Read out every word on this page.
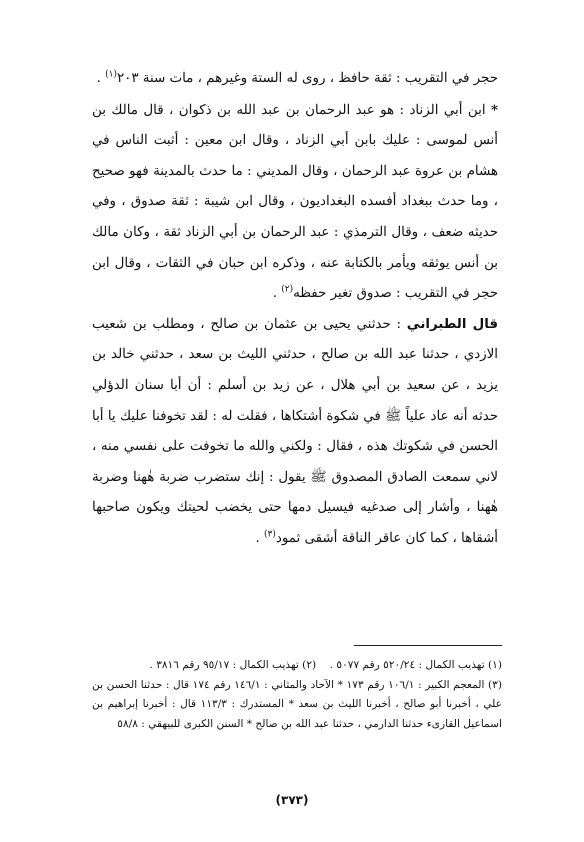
حجر في التقريب : ثقة حافظ ، روى له الستة وغيرهم ، مات سنة ٢٠٣$^{(١)}$ .

* ابن أبي الزناد : هو عبد الرحمان بن عبد الله بن ذكوان ، قال مالك بن أنس لموسى : عليك بابن أبي الزناد ، وقال ابن معين : أثبت الناس في هشام بن عروة عبد الرحمان ، وقال المديني : ما حدث بالمدينة فهو صحيح ، وما حدث ببغداد أفسده البغداديون ، وقال ابن شيبة : ثقة صدوق ، وفي حديثه ضعف ، وقال الترمذي : عبد الرحمان بن أبي الزناد ثقة ، وكان مالك بن أنس يوثقه ويأمر بالكتابة عنه ، وذكره ابن حبان في الثقات ، وقال ابن حجر في التقريب : صدوق تغير حفظه$^{(٢)}$ .

قال الطبراني : حدثني يحيى بن عثمان بن صالح ، ومطلب بن شعيب الازدي ، حدثنا عبد الله بن صالح ، حدثني الليث بن سعد ، حدثني خالد بن يزيد ، عن سعيد بن أبي هلال ، عن زيد بن أسلم : أن أبا سنان الدؤلي حدثه أنه عاد علياً ﷺ في شكوة أشتكاها ، فقلت له : لقد تخوفنا عليك يا أبا الحسن في شكوتك هذه ، فقال : ولكني والله ما تخوفت على نفسي منه ، لاني سمعت الصادق المصدوق ﷺ يقول : إنك ستضرب ضربة هٰهنا وضربة هٰهنا ، وأشار إلى صدغيه فيسيل دمها حتى يخضب لحيتك ويكون صاحبها أشقاها ، كما كان عاقر الناقة أشقى ثمود$^{(٣)}$ .

(١) تهذيب الكمال : ٥٢٠/٢٤ رقم ٥٠٧٧ .    (٢) تهذيب الكمال : ٩٥/١٧ رقم ٣٨١٦ .

(٣) المعجم الكبير : ١٠٦/١ رقم ١٧٣ * الآحاد والمثاني : ١٤٦/١ رقم ١٧٤ قال : حدثنا الحسن بن علي ، أخبرنا أبو صالح ، أخبرنا الليث بن سعد * المستدرك : ١١٣/٣ قال : أخبرنا إبراهيم بن اسماعيل القارىء حدثنا الدارمي ، حدثنا عبد الله بن صالح * السنن الكبرى للبيهقي : ٥٨/٨

(٣٧٣)
